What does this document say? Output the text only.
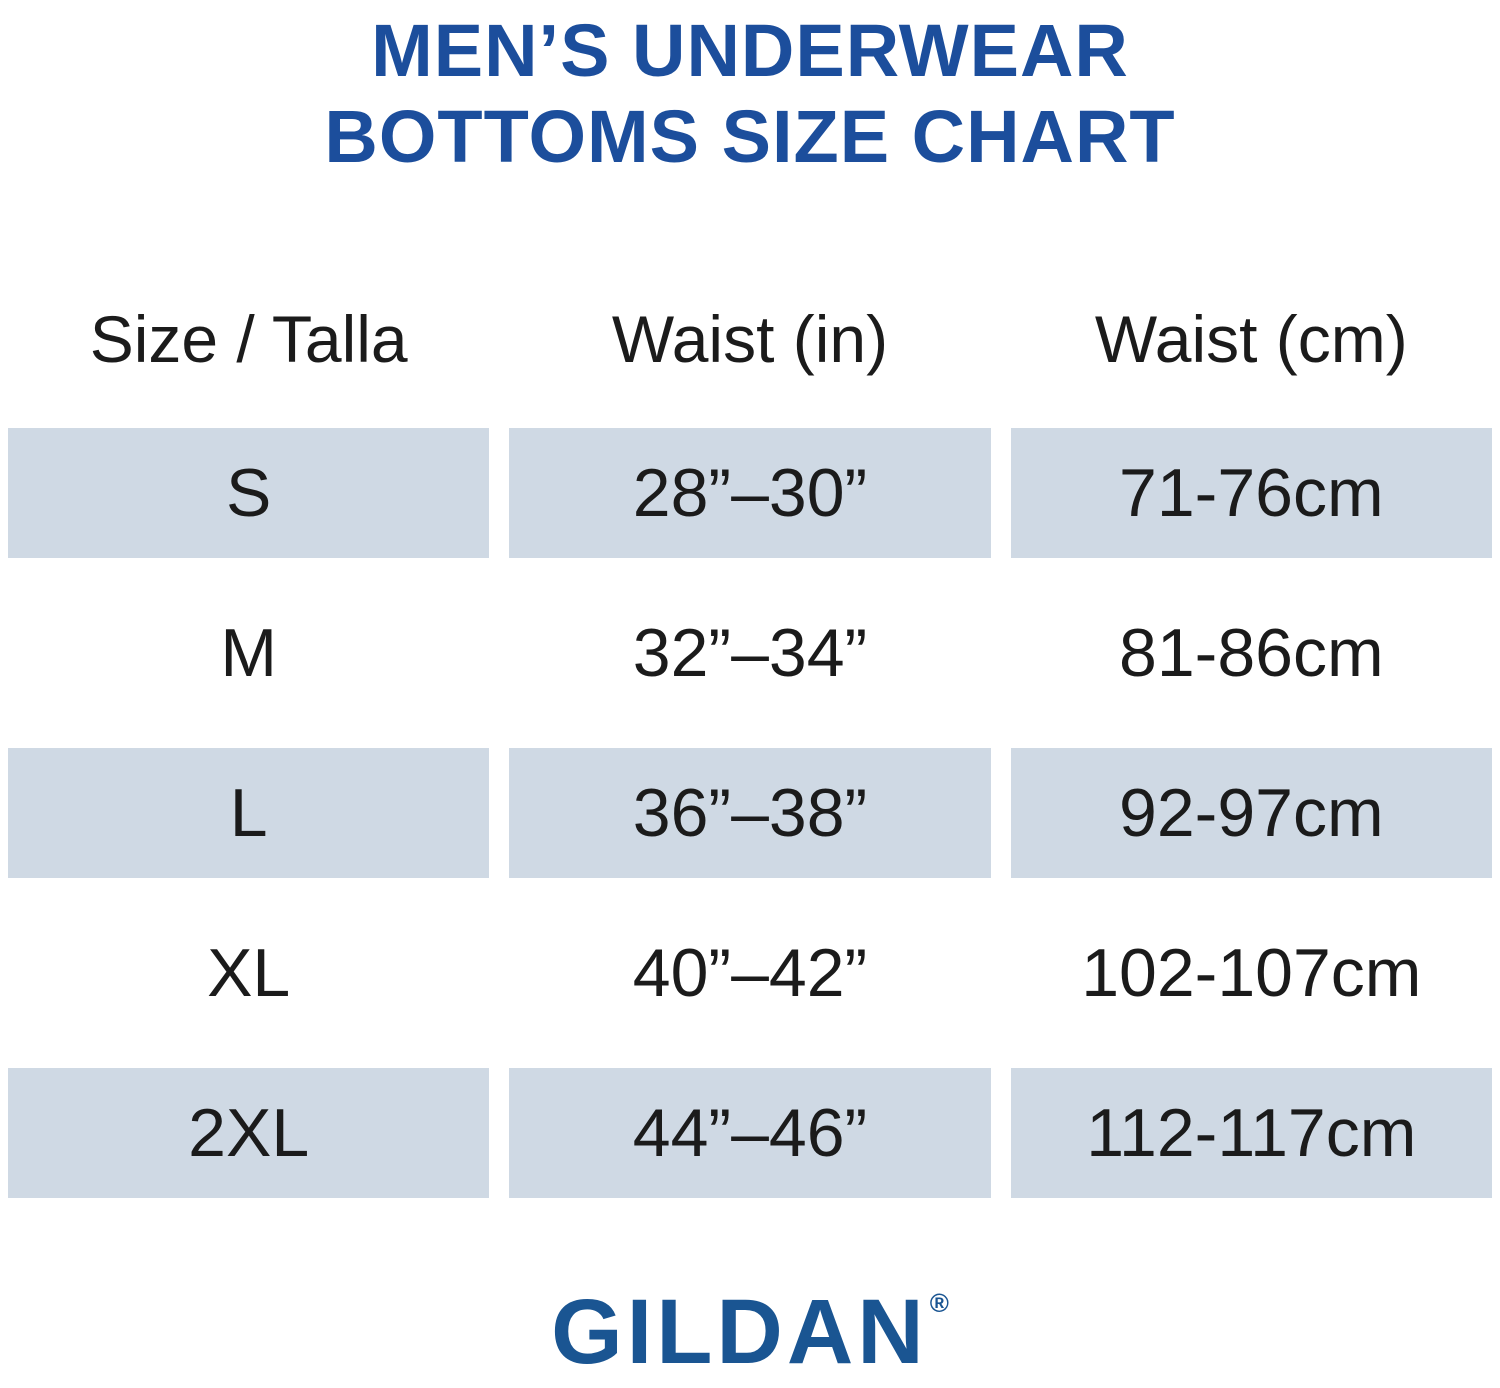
MEN’S UNDERWEAR
BOTTOMS SIZE CHART
Size / Talla	Waist (in)	Waist (cm)
S	28”–30”	71-76cm
M	32”–34”	81-86cm
L	36”–38”	92-97cm
XL	40”–42”	102-107cm
2XL	44”–46”	112-117cm
GILDAN®
